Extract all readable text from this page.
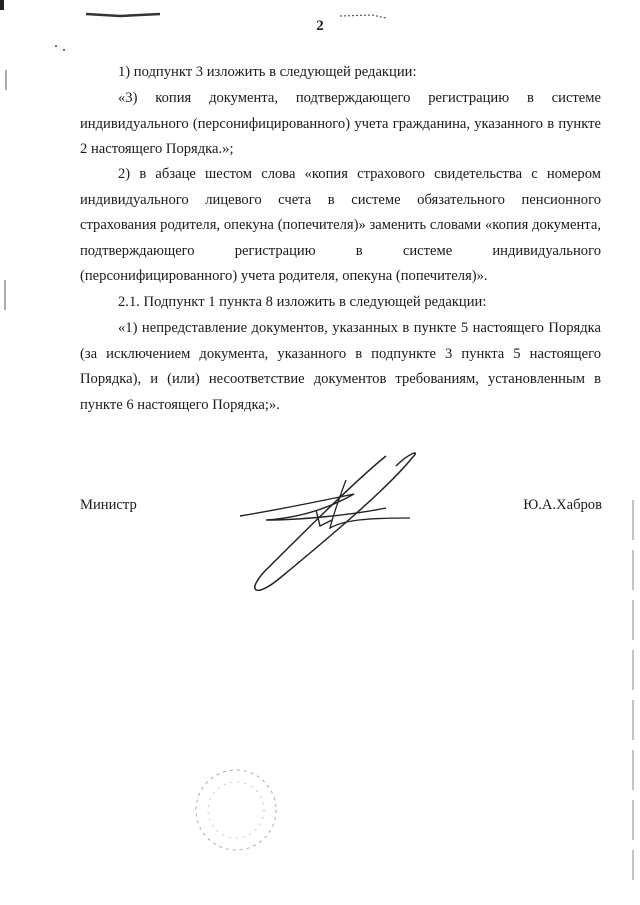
2

1) подпункт 3 изложить в следующей редакции:

«3) копия документа, подтверждающего регистрацию в системе индивидуального (персонифицированного) учета гражданина, указанного в пункте 2 настоящего Порядка.»;

2) в абзаце шестом слова «копия страхового свидетельства с номером индивидуального лицевого счета в системе обязательного пенсионного страхования родителя, опекуна (попечителя)» заменить словами «копия документа, подтверждающего регистрацию в системе индивидуального (персонифицированного) учета родителя, опекуна (попечителя)».

2.1. Подпункт 1 пункта 8 изложить в следующей редакции:

«1) непредставление документов, указанных в пункте 5 настоящего Порядка (за исключением документа, указанного в подпункте 3 пункта 5 настоящего Порядка), и (или) несоответствие документов требованиям, установленным в пункте 6 настоящего Порядка;».

Министр	Ю.А.Хабров
